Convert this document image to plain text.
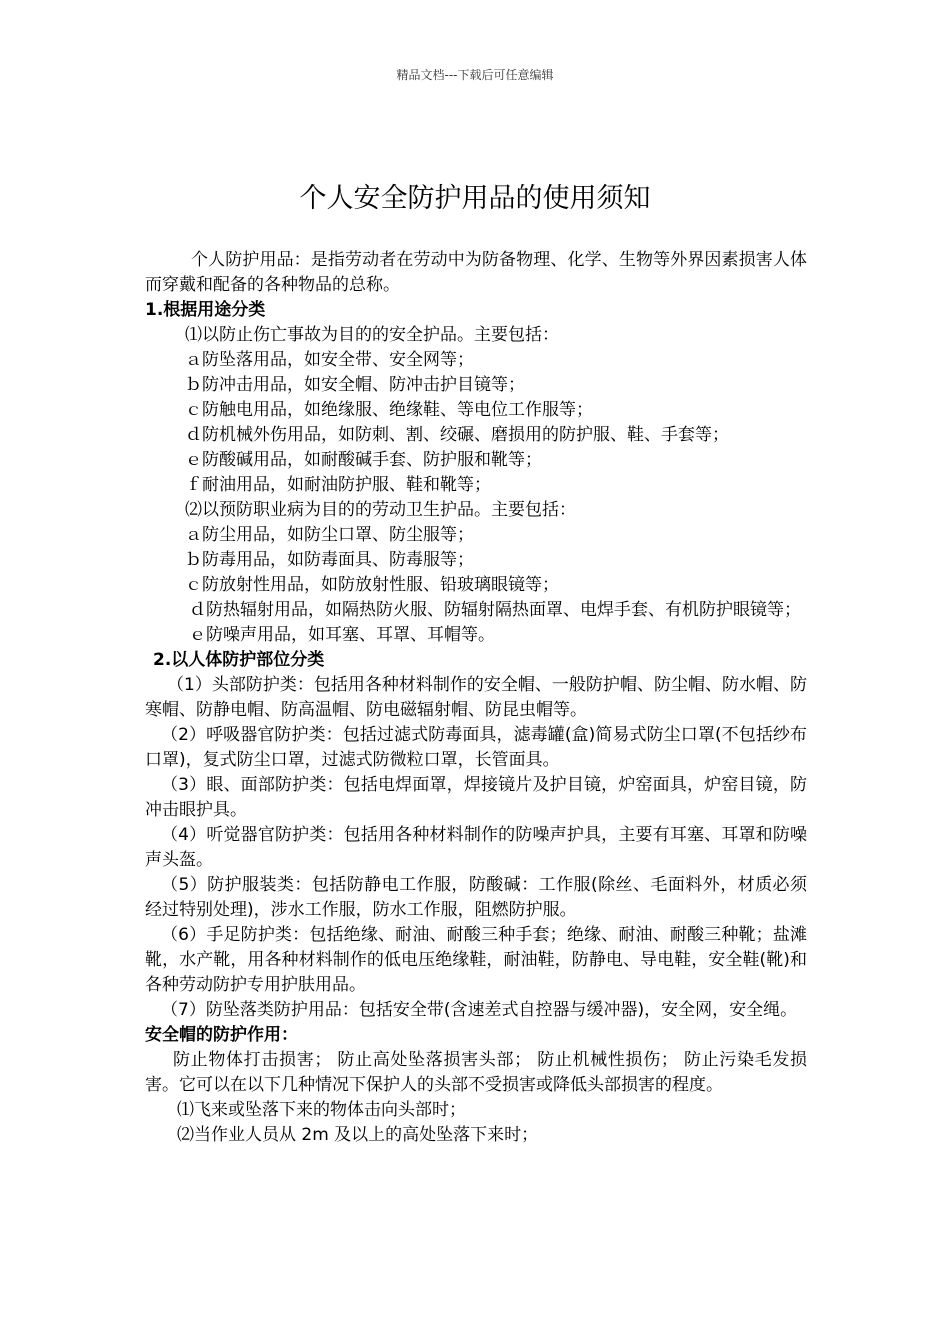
精品文档---下载后可任意编辑
个人安全防护用品的使用须知

个人防护用品：是指劳动者在劳动中为防备物理、化学、生物等外界因素损害人体而穿戴和配备的各种物品的总称。

1.根据用途分类

⑴以防止伤亡事故为目的的安全护品。主要包括：

ａ防坠落用品，如安全带、安全网等；

ｂ防冲击用品，如安全帽、防冲击护目镜等；

ｃ防触电用品，如绝缘服、绝缘鞋、等电位工作服等；

ｄ防机械外伤用品，如防刺、割、绞碾、磨损用的防护服、鞋、手套等；

ｅ防酸碱用品，如耐酸碱手套、防护服和靴等；

ｆ耐油用品，如耐油防护服、鞋和靴等；

⑵以预防职业病为目的的劳动卫生护品。主要包括：

ａ防尘用品，如防尘口罩、防尘服等；

ｂ防毒用品，如防毒面具、防毒服等；

ｃ防放射性用品，如防放射性服、铅玻璃眼镜等；

ｄ防热辐射用品，如隔热防火服、防辐射隔热面罩、电焊手套、有机防护眼镜等；

ｅ防噪声用品，如耳塞、耳罩、耳帽等。

2.以人体防护部位分类

（1）头部防护类：包括用各种材料制作的安全帽、一般防护帽、防尘帽、防水帽、防寒帽、防静电帽、防高温帽、防电磁辐射帽、防昆虫帽等。

（2）呼吸器官防护类：包括过滤式防毒面具，滤毒罐(盒)简易式防尘口罩(不包括纱布口罩)，复式防尘口罩，过滤式防微粒口罩，长管面具。

（3）眼、面部防护类：包括电焊面罩，焊接镜片及护目镜，炉窑面具，炉窑目镜，防冲击眼护具。

（4）听觉器官防护类：包括用各种材料制作的防噪声护具，主要有耳塞、耳罩和防噪声头盔。

（5）防护服装类：包括防静电工作服，防酸碱：工作服(除丝、毛面料外，材质必须经过特别处理)，涉水工作服，防水工作服，阻燃防护服。

（6）手足防护类：包括绝缘、耐油、耐酸三种手套；绝缘、耐油、耐酸三种靴；盐滩靴，水产靴，用各种材料制作的低电压绝缘鞋，耐油鞋，防静电、导电鞋，安全鞋(靴)和各种劳动防护专用护肤用品。

（7）防坠落类防护用品：包括安全带(含速差式自控器与缓冲器)，安全网，安全绳。

安全帽的防护作用：

防止物体打击损害； 防止高处坠落损害头部； 防止机械性损伤； 防止污染毛发损害。它可以在以下几种情况下保护人的头部不受损害或降低头部损害的程度。

⑴飞来或坠落下来的物体击向头部时；

⑵当作业人员从 2m 及以上的高处坠落下来时；
